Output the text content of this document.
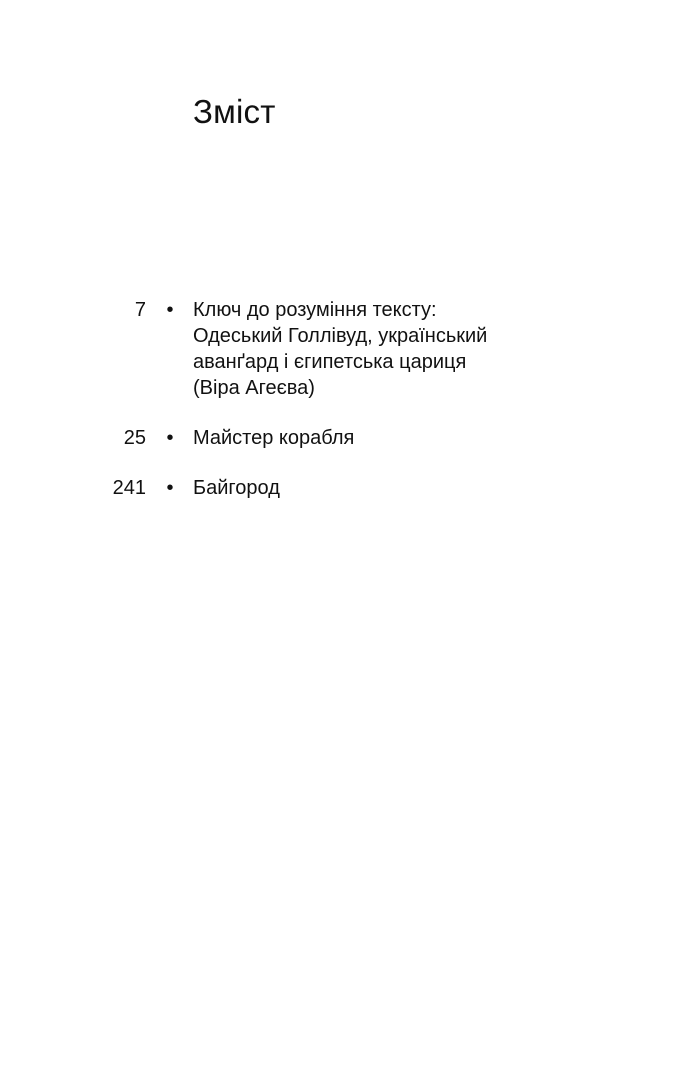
Зміст
7 • Ключ до розуміння тексту:
Одеський Голлівуд, український
аванґард і єгипетська цариця
(Віра Агеєва)
25 • Майстер корабля
241 • Байгород
